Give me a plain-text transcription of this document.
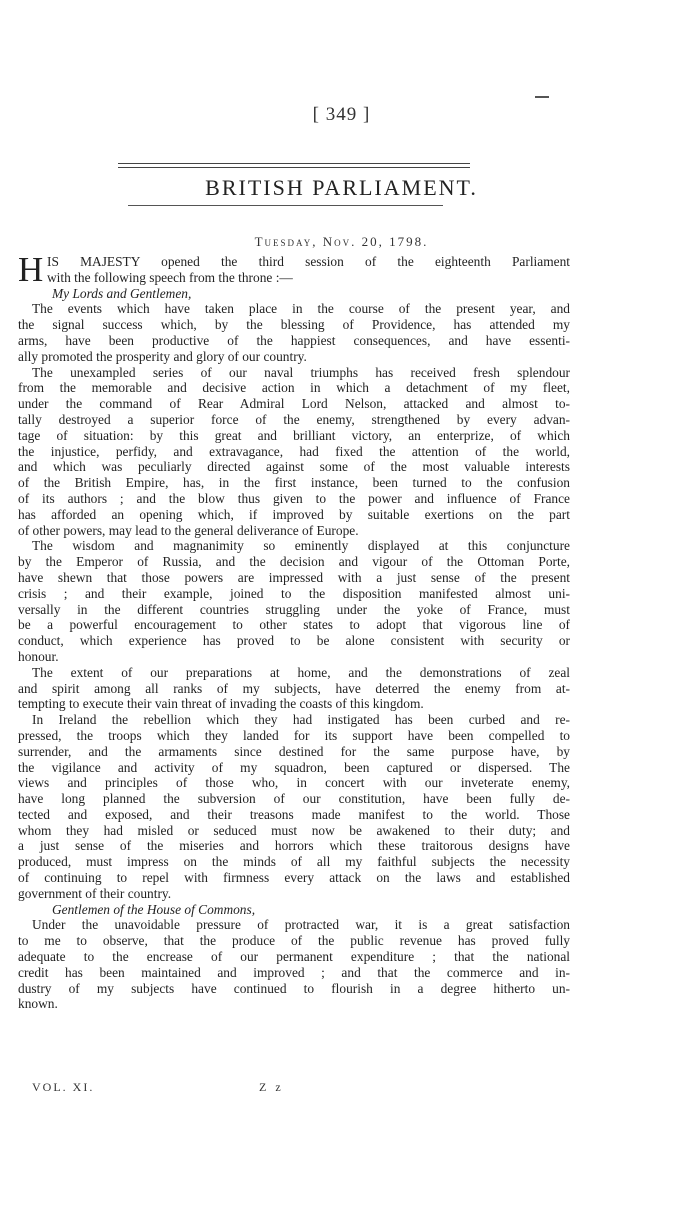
[ 349 ]
BRITISH PARLIAMENT.
Tuesday, Nov. 20, 1798.
H IS MAJESTY opened the third session of the eighteenth Parliament
with the following speech from the throne :—
My Lords and Gentlemen,
The events which have taken place in the course of the present year, and
the signal success which, by the blessing of Providence, has attended my
arms, have been productive of the happiest consequences, and have essenti-
ally promoted the prosperity and glory of our country.
The unexampled series of our naval triumphs has received fresh splendour
from the memorable and decisive action in which a detachment of my fleet,
under the command of Rear Admiral Lord Nelson, attacked and almost to-
tally destroyed a superior force of the enemy, strengthened by every advan-
tage of situation: by this great and brilliant victory, an enterprize, of which
the injustice, perfidy, and extravagance, had fixed the attention of the world,
and which was peculiarly directed against some of the most valuable interests
of the British Empire, has, in the first instance, been turned to the confusion
of its authors ; and the blow thus given to the power and influence of France
has afforded an opening which, if improved by suitable exertions on the part
of other powers, may lead to the general deliverance of Europe.
The wisdom and magnanimity so eminently displayed at this conjuncture
by the Emperor of Russia, and the decision and vigour of the Ottoman Porte,
have shewn that those powers are impressed with a just sense of the present
crisis ; and their example, joined to the disposition manifested almost uni-
versally in the different countries struggling under the yoke of France, must
be a powerful encouragement to other states to adopt that vigorous line of
conduct, which experience has proved to be alone consistent with security or
honour.
The extent of our preparations at home, and the demonstrations of zeal
and spirit among all ranks of my subjects, have deterred the enemy from at-
tempting to execute their vain threat of invading the coasts of this kingdom.
In Ireland the rebellion which they had instigated has been curbed and re-
pressed, the troops which they landed for its support have been compelled to
surrender, and the armaments since destined for the same purpose have, by
the vigilance and activity of my squadron, been captured or dispersed. The
views and principles of those who, in concert with our inveterate enemy,
have long planned the subversion of our constitution, have been fully de-
tected and exposed, and their treasons made manifest to the world. Those
whom they had misled or seduced must now be awakened to their duty; and
a just sense of the miseries and horrors which these traitorous designs have
produced, must impress on the minds of all my faithful subjects the necessity
of continuing to repel with firmness every attack on the laws and established
government of their country.
Gentlemen of the House of Commons,
Under the unavoidable pressure of protracted war, it is a great satisfaction
to me to observe, that the produce of the public revenue has proved fully
adequate to the encrease of our permanent expenditure ; that the national
credit has been maintained and improved ; and that the commerce and in-
dustry of my subjects have continued to flourish in a degree hitherto un-
known.
VOL. XI.	Z z
